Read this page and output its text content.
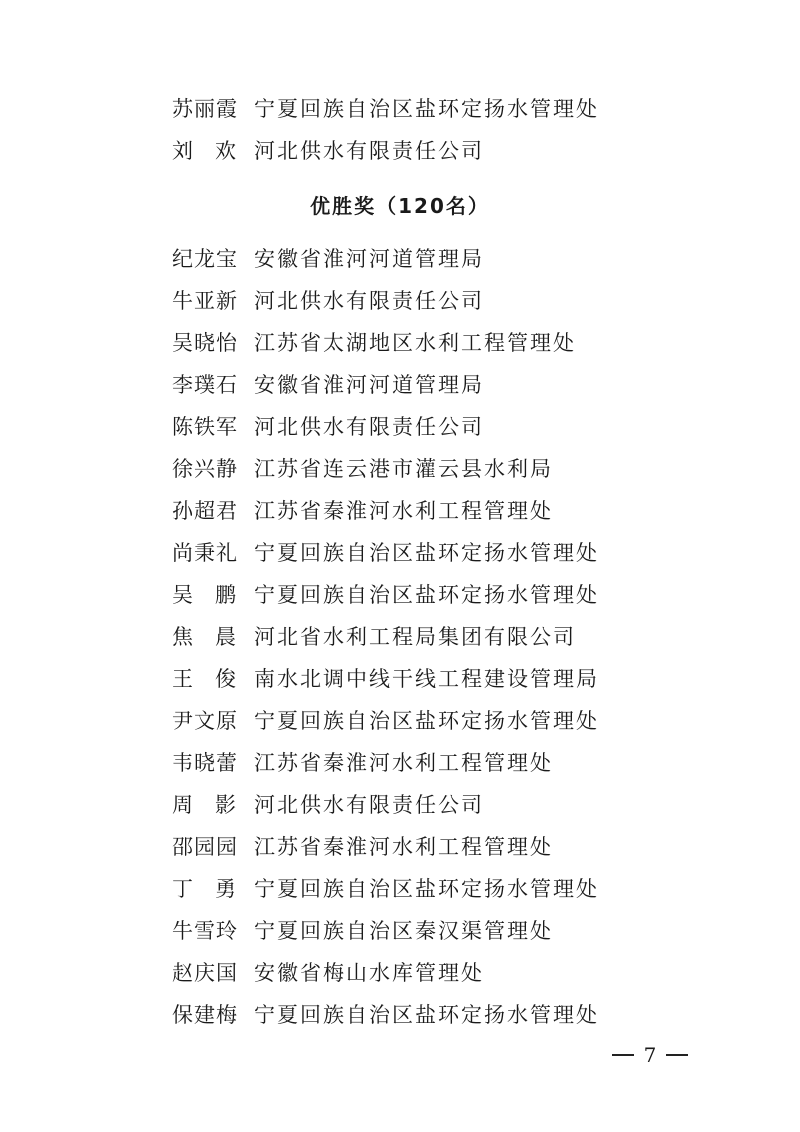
苏丽霞 宁夏回族自治区盐环定扬水管理处
刘欢
河北供水有限责任公司
优胜奖（120名）
纪龙宝 安徽省淮河河道管理局
牛亚新 河北供水有限责任公司
吴晓怡 江苏省太湖地区水利工程管理处
李璞石 安徽省淮河河道管理局
陈铁军 河北供水有限责任公司
徐兴静 江苏省连云港市灌云县水利局
孙超君 江苏省秦淮河水利工程管理处
尚秉礼 宁夏回族自治区盐环定扬水管理处
吴鹏
宁夏回族自治区盐环定扬水管理处
焦晨
河北省水利工程局集团有限公司
王俊
南水北调中线干线工程建设管理局
尹文原 宁夏回族自治区盐环定扬水管理处
韦晓蕾 江苏省秦淮河水利工程管理处
周影
河北供水有限责任公司
邵园园 江苏省秦淮河水利工程管理处
丁勇
宁夏回族自治区盐环定扬水管理处
牛雪玲 宁夏回族自治区秦汉渠管理处
赵庆国 安徽省梅山水库管理处
保建梅 宁夏回族自治区盐环定扬水管理处
7
